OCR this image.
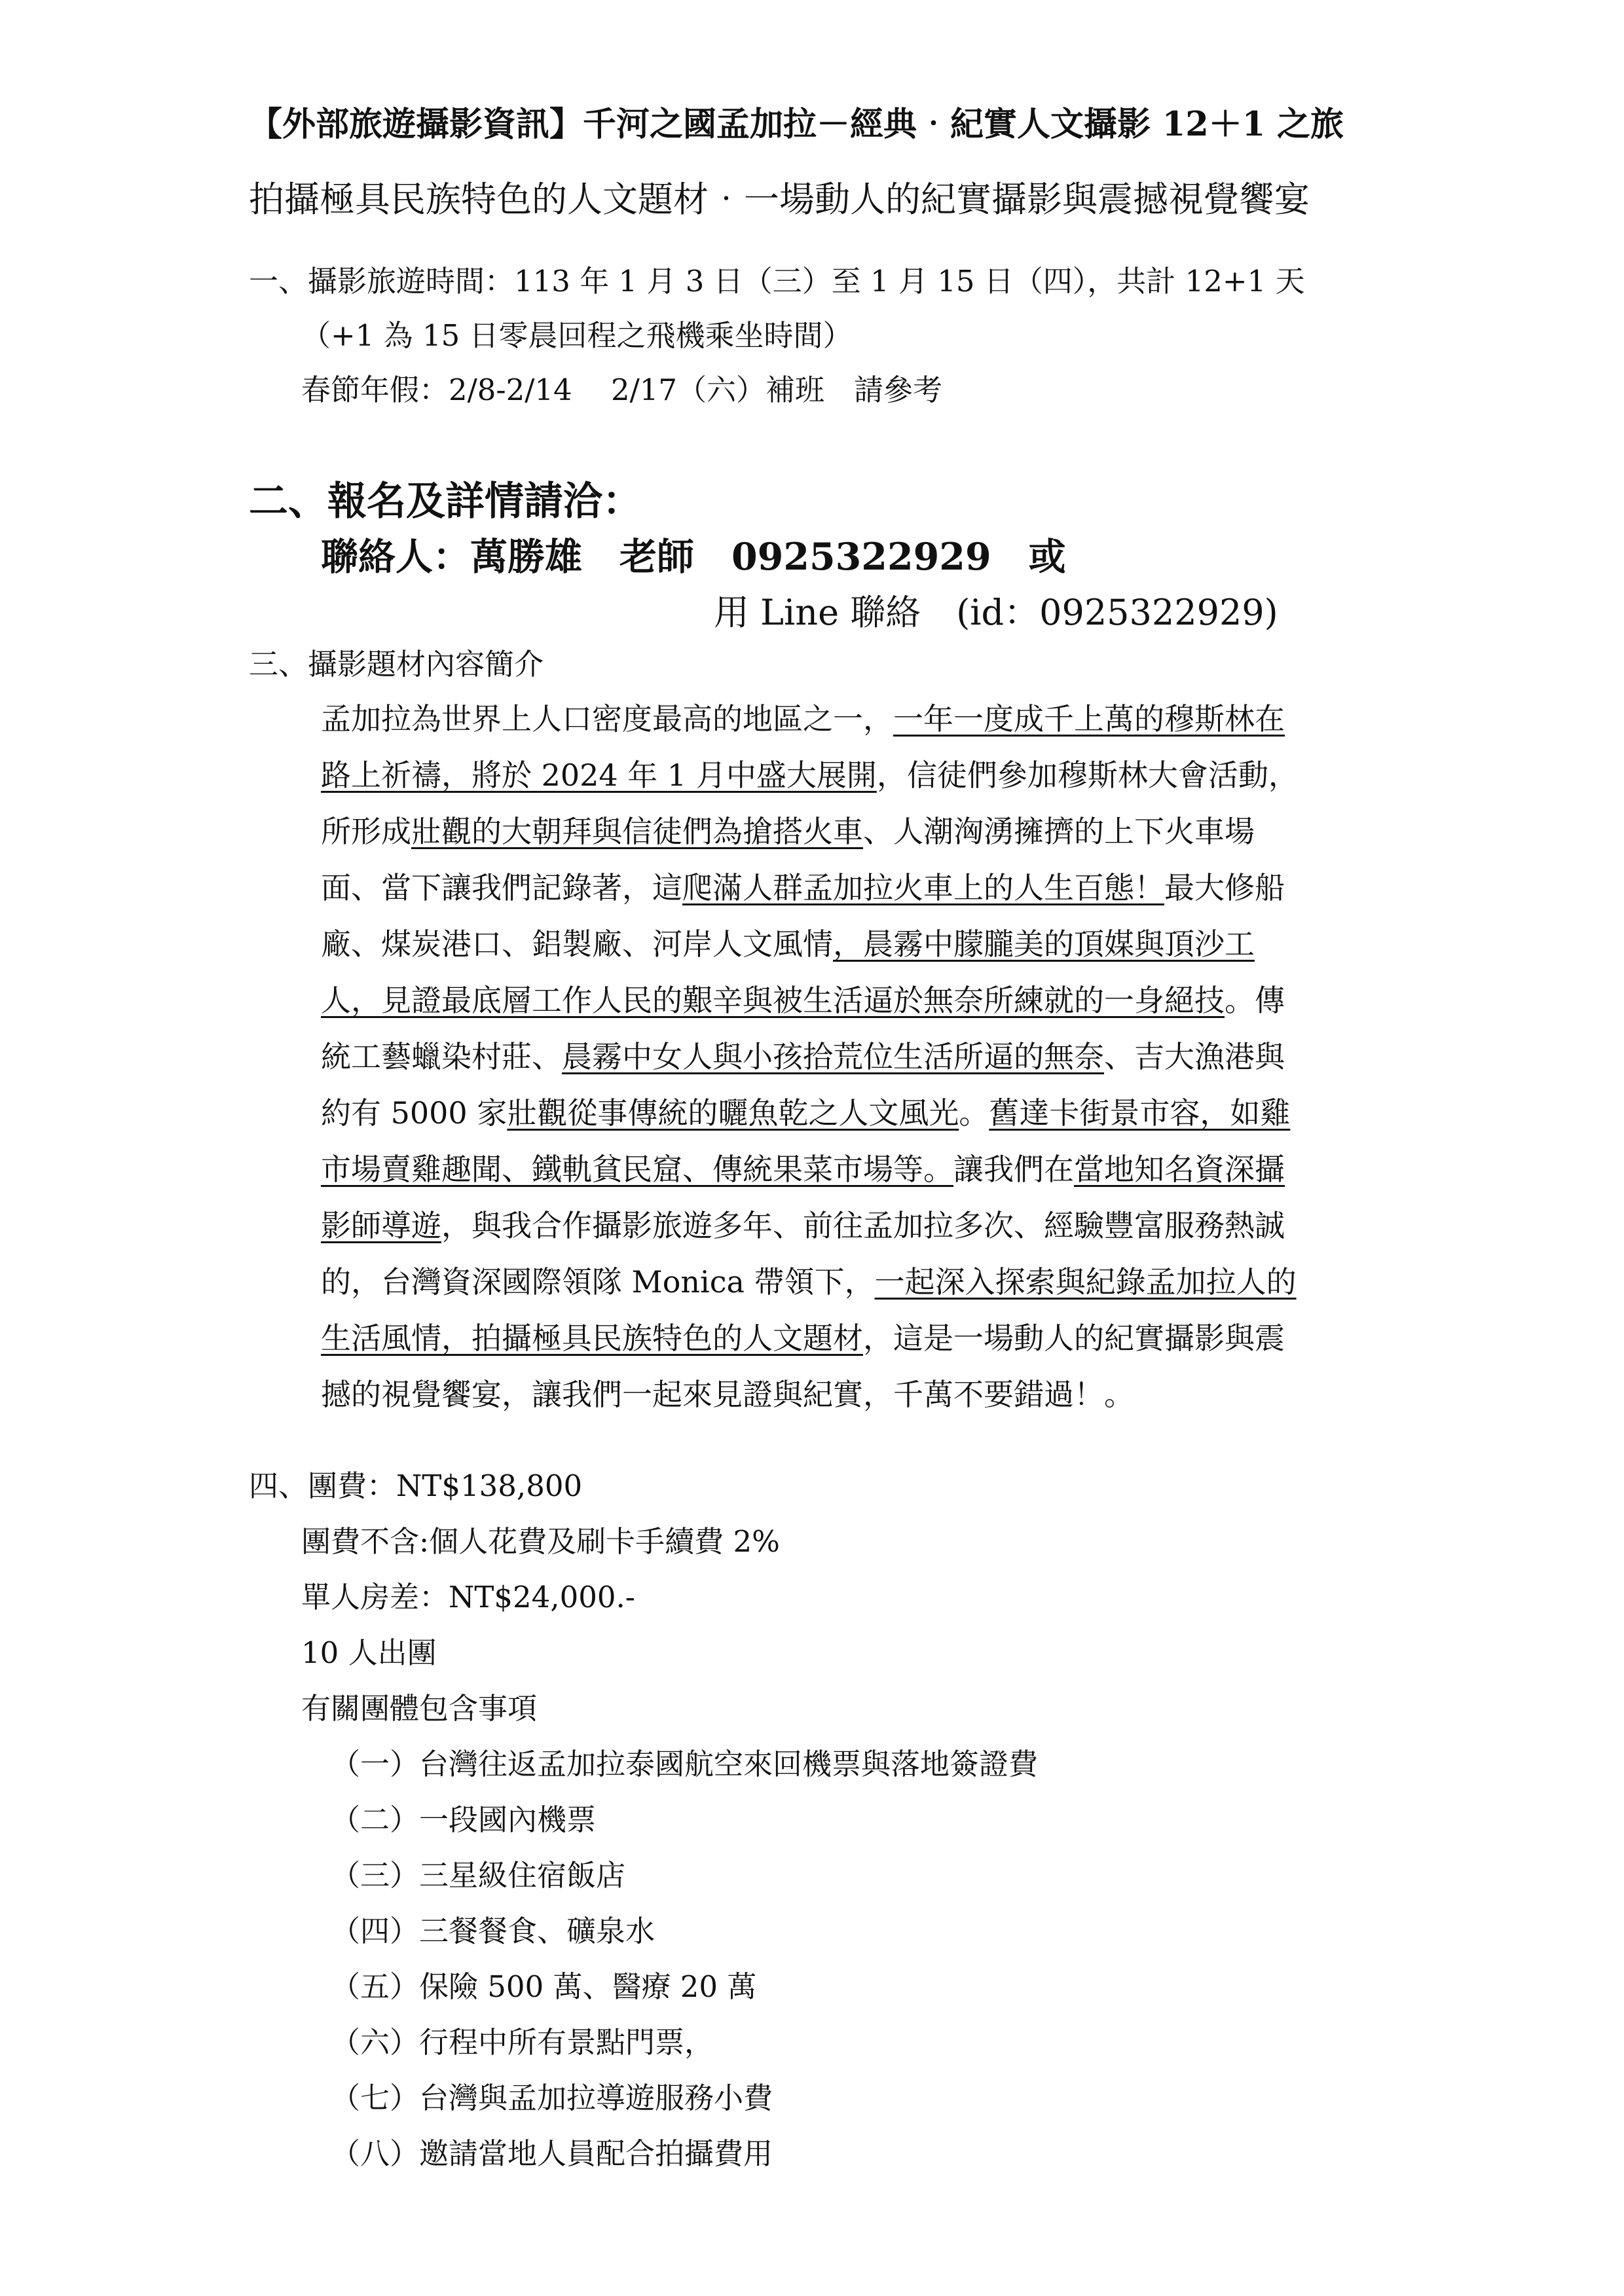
【外部旅遊攝影資訊】千河之國孟加拉－經典‧紀實人文攝影 12＋1 之旅
拍攝極具民族特色的人文題材‧一場動人的紀實攝影與震撼視覺饗宴
一、攝影旅遊時間：113 年 1 月 3 日（三）至 1 月 15 日（四），共計 12+1 天
（+1 為 15 日零晨回程之飛機乘坐時間）
春節年假：2/8-2/14　 2/17（六）補班　請參考
二、報名及詳情請洽：
聯絡人：萬勝雄　老師　0925322929　或
用 Line 聯絡　(id：0925322929)
三、攝影題材內容簡介
孟加拉為世界上人口密度最高的地區之一，一年一度成千上萬的穆斯林在
路上祈禱，將於 2024 年 1 月中盛大展開，信徒們參加穆斯林大會活動，
所形成壯觀的大朝拜與信徒們為搶搭火車、人潮洶湧擁擠的上下火車場
面、當下讓我們記錄著，這爬滿人群孟加拉火車上的人生百態！最大修船
廠、煤炭港口、鋁製廠、河岸人文風情，晨霧中朦朧美的頂媒與頂沙工
人，見證最底層工作人民的艱辛與被生活逼於無奈所練就的一身絕技。傳
統工藝蠟染村莊、晨霧中女人與小孩拾荒位生活所逼的無奈、吉大漁港與
約有 5000 家壯觀從事傳統的曬魚乾之人文風光。舊達卡街景市容，如雞
市場賣雞趣聞、鐵軌貧民窟、傳統果菜市場等。讓我們在當地知名資深攝
影師導遊，與我合作攝影旅遊多年、前往孟加拉多次、經驗豐富服務熱誠
的，台灣資深國際領隊 Monica 帶領下，一起深入探索與紀錄孟加拉人的
生活風情，拍攝極具民族特色的人文題材，這是一場動人的紀實攝影與震
撼的視覺饗宴，讓我們一起來見證與紀實，千萬不要錯過！。
四、團費：NT$138,800
團費不含:個人花費及刷卡手續費 2%
單人房差：NT$24,000.-
10 人出團
有關團體包含事項
（一）台灣往返孟加拉泰國航空來回機票與落地簽證費
（二）一段國內機票
（三）三星級住宿飯店
（四）三餐餐食、礦泉水
（五）保險 500 萬、醫療 20 萬
（六）行程中所有景點門票，
（七）台灣與孟加拉導遊服務小費
（八）邀請當地人員配合拍攝費用
